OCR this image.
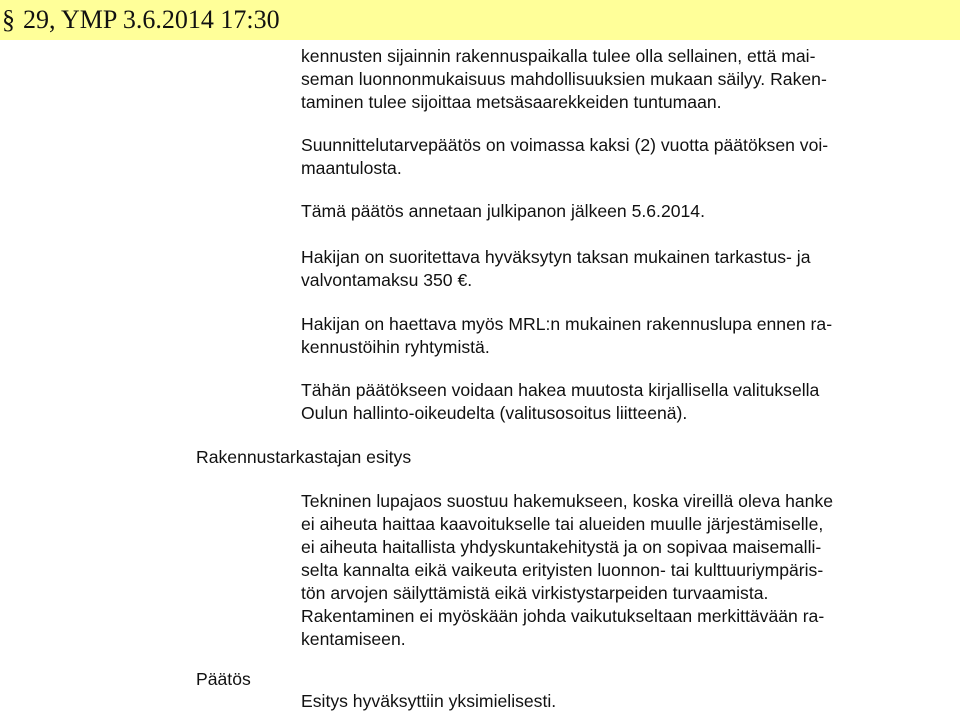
§ 29, YMP 3.6.2014 17:30
kennusten sijainnin rakennuspaikalla tulee olla sellainen, että mai-
seman luonnonmukaisuus mahdollisuuksien mukaan säilyy. Raken-
taminen tulee sijoittaa metsäsaarekkeiden tuntumaan.
Suunnittelutarvepäätös on voimassa kaksi (2) vuotta päätöksen voi-
maantulosta.
Tämä päätös annetaan julkipanon jälkeen 5.6.2014.
Hakijan on suoritettava hyväksytyn taksan mukainen tarkastus- ja
valvontamaksu 350 €.
Hakijan on haettava myös MRL:n mukainen rakennuslupa ennen ra-
kennustöihin ryhtymistä.
Tähän päätökseen voidaan hakea muutosta kirjallisella valituksella
Oulun hallinto-oikeudelta (valitusosoitus liitteenä).
Rakennustarkastajan esitys
Tekninen lupajaos suostuu hakemukseen, koska vireillä oleva hanke
ei aiheuta haittaa kaavoitukselle tai alueiden muulle järjestämiselle,
ei aiheuta haitallista yhdyskuntakehitystä ja on sopivaa maisemalli-
selta kannalta eikä vaikeuta erityisten luonnon- tai kulttuuriympäris-
tön arvojen säilyttämistä eikä virkistystarpeiden turvaamista.
Rakentaminen ei myöskään johda vaikutukseltaan merkittävään ra-
kentamiseen.
Päätös
Esitys hyväksyttiin yksimielisesti.
